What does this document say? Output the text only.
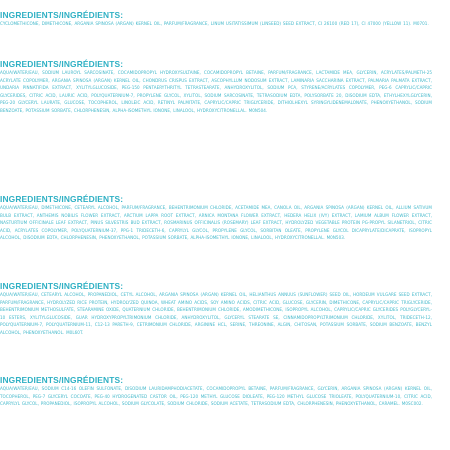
INGREDIENTS/INGRÉDIENTS:

CYCLOMETHICONE, DIMETHICONE, ARGANIA SPINOSA (ARGAN) KERNEL OIL, PARFUM/FRAGRANCE, LINUM USITATISSIMUM (LINSEED) SEED EXTRACT, CI 26100 (RED 17), CI 47000 (YELLOW 11). M0701.

INGREDIENTS/INGRÉDIENTS:

AQUA/WATER/EAU, SODIUM LAUROYL SARCOSINATE, COCAMIDOPROPYL HYDROXYSULTAINE, COCAMIDOPROPYL BETAINE, PARFUM/FRAGRANCE, LACTAMIDE MEA, GLYCERIN, ACRYLATES/PALMETH-25 ACRYLATE COPOLYMER, ARGANIA SPINOSA (ARGAN) KERNEL OIL, CHONDRUS CRISPUS EXTRACT, ASCOPHYLLUM NODOSUM EXTRACT, LAMINARIA SACCHARINA EXTRACT, PALMARIA PALMATA EXTRACT, UNDARIA PINNATIFIDA EXTRACT, XYLITYLGLUCOSIDE, PEG-150 PENTAERYTHRITYL TETRASTEARATE, ANHYDROXYLITOL, SODIUM PCA, STYRENE/ACRYLATES COPOLYMER, PEG-6 CAPRYLIC/CAPRIC GLYCERIDES, CITRIC ACID, LAURIC ACID, POLYQUATERNIUM-7, PROPYLENE GLYCOL, XYLITOL, SODIUM SARCOSINATE, TETRASODIUM EDTA, POLYSORBATE 20, DISODIUM EDTA, ETHYLHEXYLGLYCERIN, PEG-20 GLYCERYL LAURATE, GLUCOSE, TOCOPHEROL, LINOLEIC ACID, RETINYL PALMITATE, CAPRYLIC/CAPRIC TRIGLYCERIDE, DITHIOLHEXYL SYRINGYLIDENEMALONATE, PHENOXYETHANOL, SODIUM BENZOATE, POTASSIUM SORBATE, CHLORPHENESIN, ALPHA-ISOMETHYL IONONE, LINALOOL, HYDROXYCITRONELLAL. M0N504.

INGREDIENTS/INGRÉDIENTS:

AQUA/WATER/EAU, DIMETHICONE, CETEARYL ALCOHOL, PARFUM/FRAGRANCE, BEHENTRIMONIUM CHLORIDE, ACETAMIDE MEA, CANOLA OIL, ARGANIA SPINOSA (ARGAN) KERNEL OIL, ALLIUM SATIVUM BULB EXTRACT, ANTHEMIS NOBILIS FLOWER EXTRACT, ARCTIUM LAPPA ROOT EXTRACT, ARNICA MONTANA FLOWER EXTRACT, HEDERA HELIX (IVY) EXTRACT, LAMIUM ALBUM FLOWER EXTRACT, NASTURTIUM OFFICINALE LEAF EXTRACT, PINUS SILVESTRIS BUD EXTRACT, ROSMARINUS OFFICINALIS (ROSEMARY) LEAF EXTRACT, HYDROLYZED VEGETABLE PROTEIN PG-PROPYL SILANETRIOL, CITRIC ACID, ACRYLATES COPOLYMER, POLYQUATERNIUM-37, PPG-1 TRIDECETH-6, CAPRYLYL GLYCOL, PROPYLENE GLYCOL, SORBITAN OLEATE, PROPYLENE GLYCOL DICAPRYLATE/DICAPRATE, ISOPROPYL ALCOHOL, DISODIUM EDTA, CHLORPHENESIN, PHENOXYETHANOL, POTASSIUM SORBATE, ALPHA-ISOMETHYL IONONE, LINALOOL, HYDROXYCITRONELLAL. M0N503.

INGREDIENTS/INGRÉDIENTS:

AQUA/WATER/EAU, CETEARYL ALCOHOL, PROPANEDIOL, CETYL ALCOHOL, ARGANIA SPINOSA (ARGAN) KERNEL OIL, HELIANTHUS ANNUUS (SUNFLOWER) SEED OIL, HORDEUM VULGARE SEED EXTRACT, PARFUM/FRAGRANCE, HYDROLYZED RICE PROTEIN, HYDROLYZED QUINOA, WHEAT AMINO ACIDS, SOY AMINO ACIDS, CITRIC ACID, GLUCOSE, GLYCERIN, DIMETHICONE, CAPRYLIC/CAPRIC TRIGLYCERIDE, BEHENTRIMONIUM METHOSULFATE, STEARAMINE OXIDE, QUATERNIUM CHLORIDE, BEHENTRIMONIUM CHLORIDE, AMODIMETHICONE, ISOPROPYL ALCOHOL, CAPRYLIC/CAPRIC GLYCERIDES POLYGLYCERYL-10 ESTERS, XYLITYLGLUCOSIDE, GUAR HYDROXYPROPYLTRIMONIUM CHLORIDE, ANHYDROXYLITOL, GLYCERYL STEARATE SE, CINNAMIDOPROPYLTRIMONIUM CHLORIDE, XYLITOL, TRIDECETH-12, POLYQUATERNIUM-7, POLYQUATERNIUM-11, C12-13 PARETH-9, CETRIMONIUM CHLORIDE, ARGININE HCL, SERINE, THREONINE, ALGIN, CHITOSAN, POTASSIUM SORBATE, SODIUM BENZOATE, BENZYL ALCOHOL, PHENOXYETHANOL. M0L60T.

INGREDIENTS/INGRÉDIENTS:

AQUA/WATER/EAU, SODIUM C14-16 OLEFIN SULFONATE, DISODIUM LAURIDAMPHODIACETATE, COCAMIDOPROPYL BETAINE, PARFUM/FRAGRANCE, GLYCERIN, ARGANIA SPINOSA (ARGAN) KERNEL OIL, TOCOPHEROL, PEG-7 GLYCERYL COCOATE, PEG-40 HYDROGENATED CASTOR OIL, PEG-120 METHYL GLUCOSE DIOLEATE, PEG-120 METHYL GLUCOSE TRIOLEATE, POLYQUATERNIUM-10, CITRIC ACID, CAPRYLYL GLYCOL, PROPANEDIOL, ISOPROPYL ALCOHOL, SODIUM GLYCOLATE, SODIUM CHLORIDE, SODIUM ACETATE, TETRASODIUM EDTA, CHLORPHENESIN, PHENOXYETHANOL, CARAMEL. M0SC002.
